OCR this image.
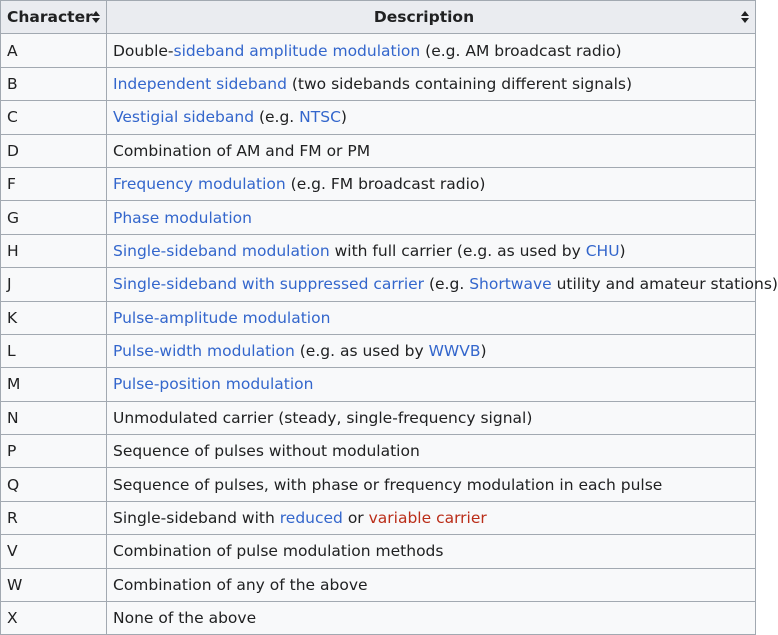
Character	Description

A	Double-sideband amplitude modulation (e.g. AM broadcast radio)
B	Independent sideband (two sidebands containing different signals)
C	Vestigial sideband (e.g. NTSC)
D	Combination of AM and FM or PM
F	Frequency modulation (e.g. FM broadcast radio)
G	Phase modulation
H	Single-sideband modulation with full carrier (e.g. as used by CHU)
J	Single-sideband with suppressed carrier (e.g. Shortwave utility and amateur stations)
K	Pulse-amplitude modulation
L	Pulse-width modulation (e.g. as used by WWVB)
M	Pulse-position modulation
N	Unmodulated carrier (steady, single-frequency signal)
P	Sequence of pulses without modulation
Q	Sequence of pulses, with phase or frequency modulation in each pulse
R	Single-sideband with reduced or variable carrier
V	Combination of pulse modulation methods
W	Combination of any of the above
X	None of the above
